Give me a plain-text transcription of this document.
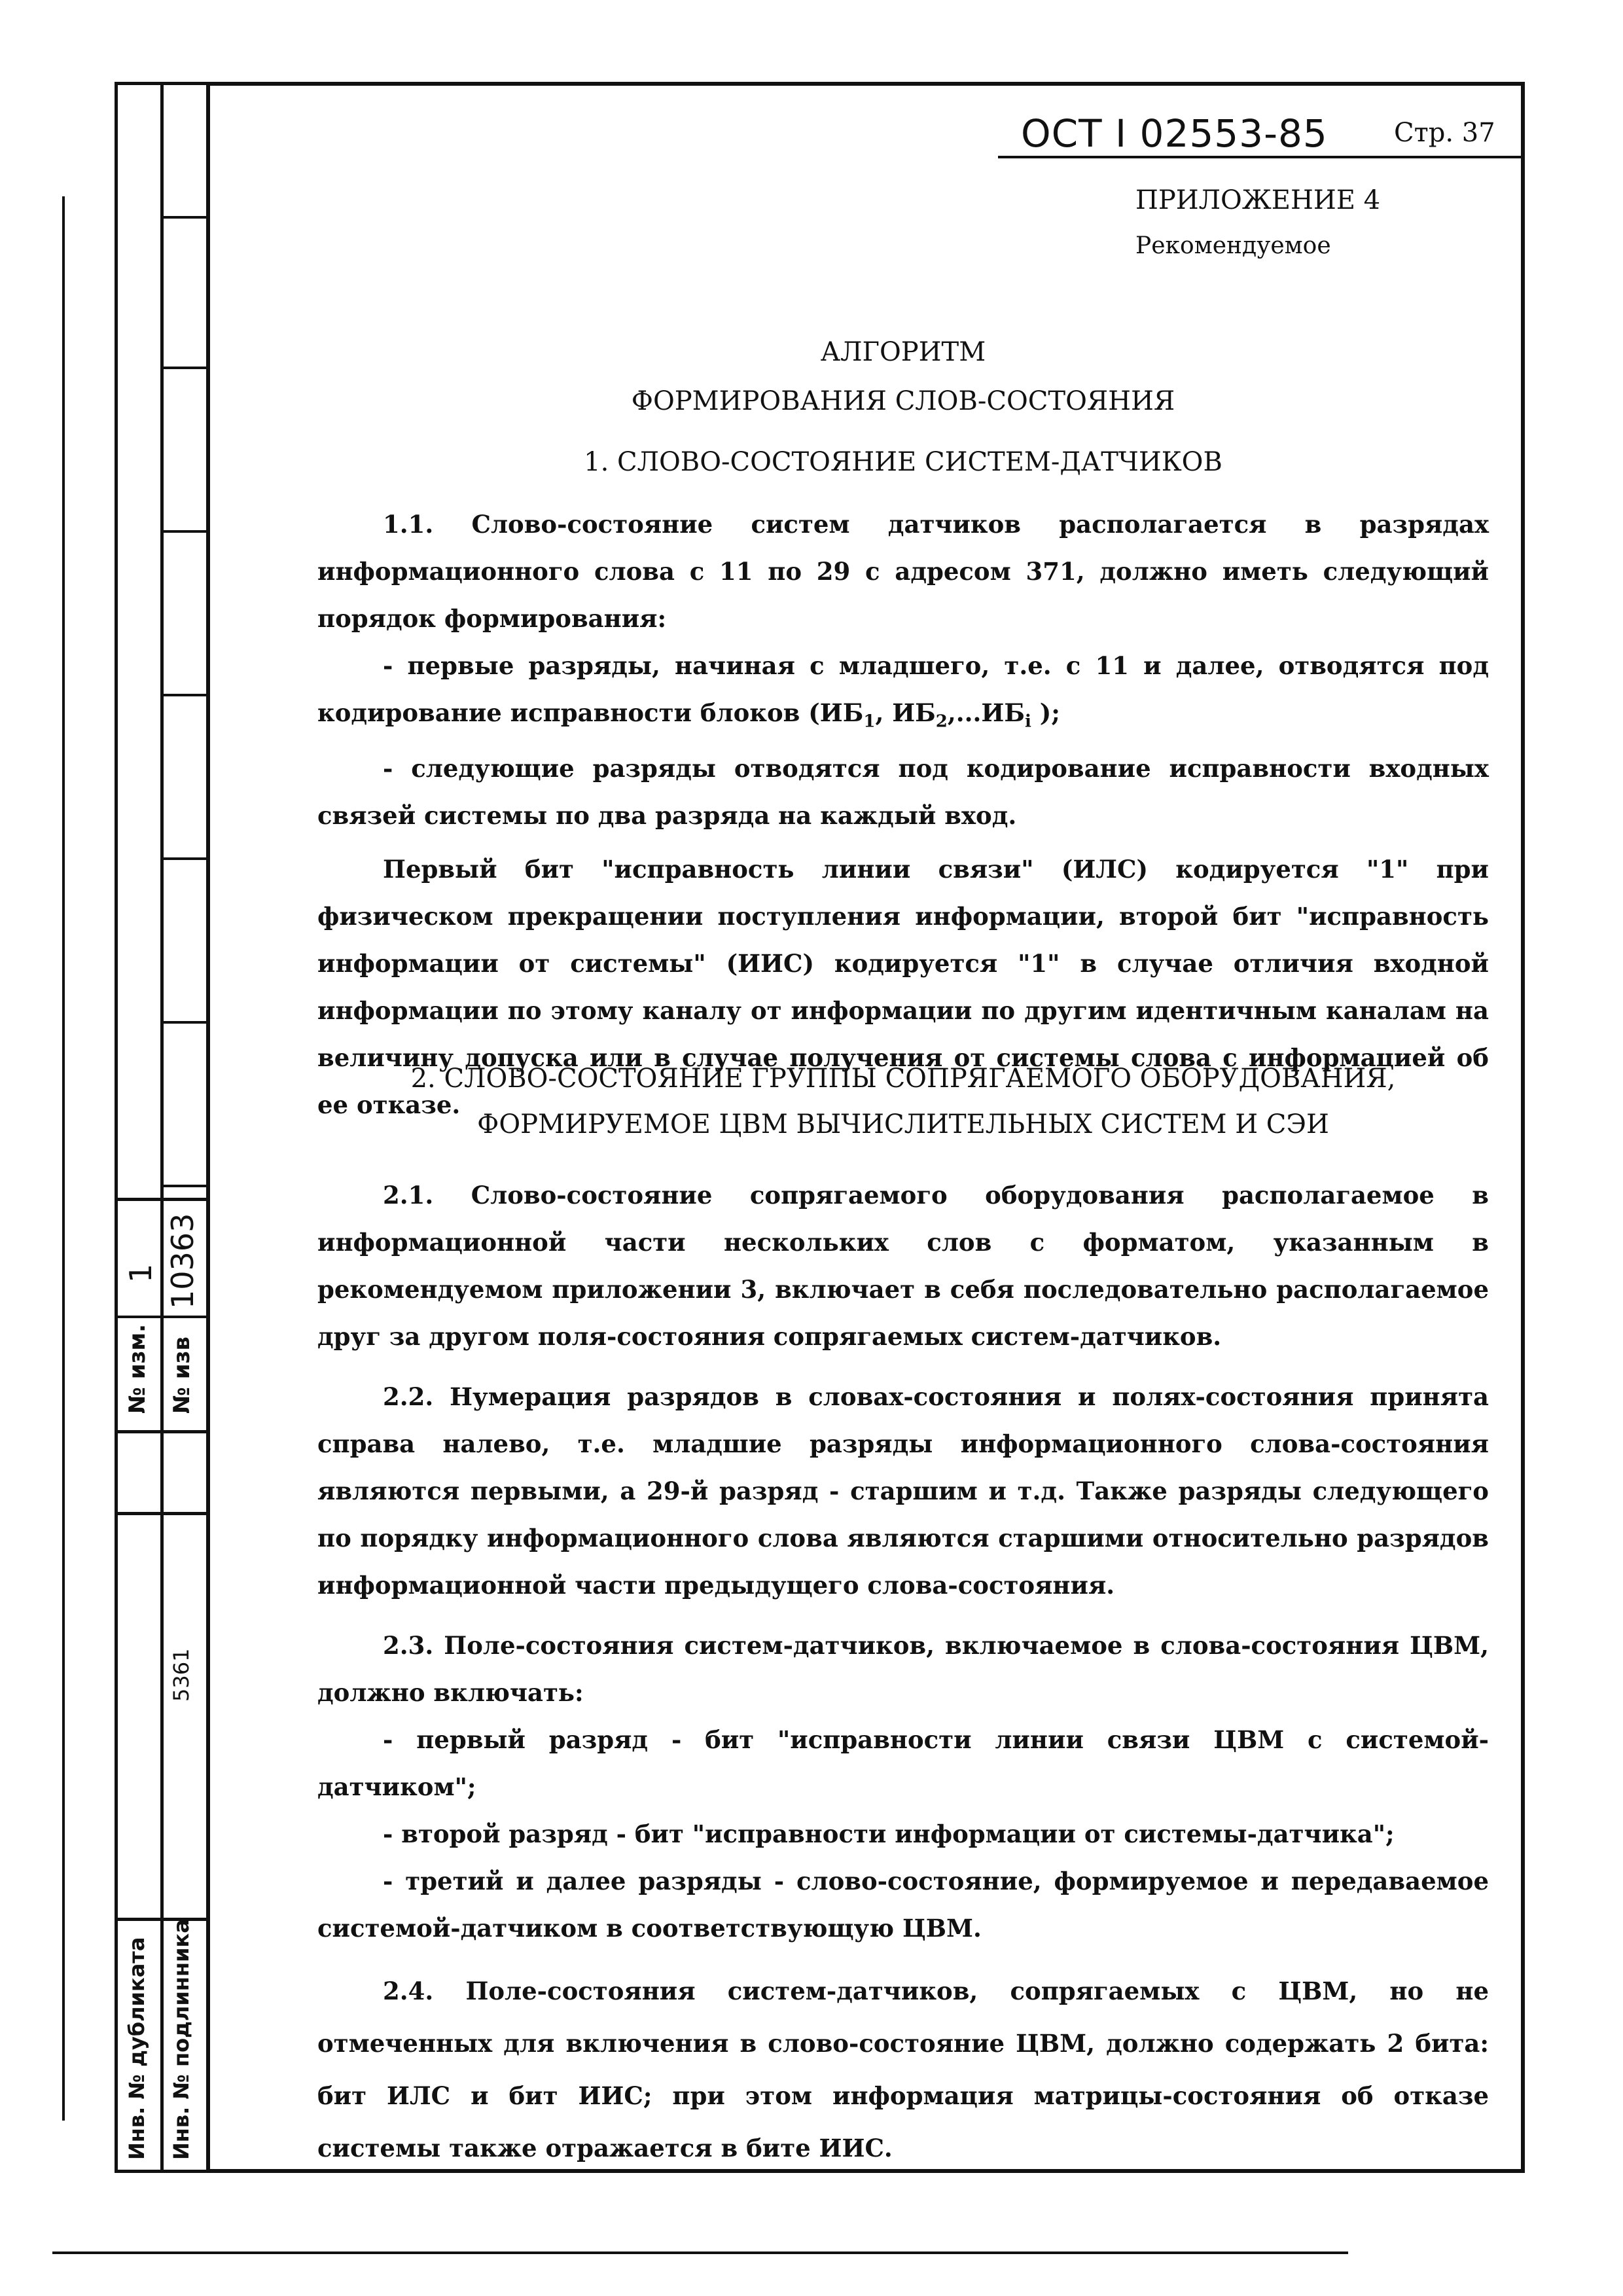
№ изм.
1
№ изв
10363
5361
Инв. № дубликата Инв. № подлинника
ОСТ I 02553-85	Стр. 37
ПРИЛОЖЕНИЕ 4
Рекомендуемое
АЛГОРИТМ
ФОРМИРОВАНИЯ СЛОВ-СОСТОЯНИЯ
1. СЛОВО-СОСТОЯНИЕ СИСТЕМ-ДАТЧИКОВ

1.1. Слово-состояние систем датчиков располагается в разрядах информационного слова с 11 по 29 с адресом 371, должно иметь следующий порядок формирования:

- первые разряды, начиная с младшего, т.е. с 11 и далее, отводятся под кодирование исправности блоков ($ИБ_1$, $ИБ_2,...ИБ_i$ );

- следующие разряды отводятся под кодирование исправности входных связей системы по два разряда на каждый вход.

Первый бит "исправность линии связи" (ИЛС) кодируется "1" при физическом прекращении поступления информации, второй бит "исправность информации от системы" (ИИС) кодируется "1" в случае отличия входной информации по этому каналу от информации по другим идентичным каналам на величину допуска или в случае получения от системы слова с информацией об ее отказе.

2. СЛОВО-СОСТОЯНИЕ ГРУППЫ СОПРЯГАЕМОГО ОБОРУДОВАНИЯ,
ФОРМИРУЕМОЕ ЦВМ ВЫЧИСЛИТЕЛЬНЫХ СИСТЕМ И СЭИ

2.1. Слово-состояние сопрягаемого оборудования располагаемое в информационной части нескольких слов с форматом, указанным в рекомендуемом приложении 3, включает в себя последовательно располагаемое друг за другом поля-состояния сопрягаемых систем-датчиков.

2.2. Нумерация разрядов в словах-состояния и полях-состояния принята справа налево, т.е. младшие разряды информационного слова-состояния являются первыми, а 29-й разряд - старшим и т.д. Также разряды следующего по порядку информационного слова являются старшими относительно разрядов информационной части предыдущего слова-состояния.

2.3. Поле-состояния систем-датчиков, включаемое в слова-состояния ЦВМ, должно включать:

- первый разряд - бит "исправности линии связи ЦВМ с системой-датчиком";

- второй разряд - бит "исправности информации от системы-датчика";

- третий и далее разряды - слово-состояние, формируемое и передаваемое системой-датчиком в соответствующую ЦВМ.

2.4. Поле-состояния систем-датчиков, сопрягаемых с ЦВМ, но не отмеченных для включения в слово-состояние ЦВМ, должно содержать 2 бита: бит ИЛС и бит ИИС; при этом информация матрицы-состояния об отказе системы также отражается в бите ИИС.
